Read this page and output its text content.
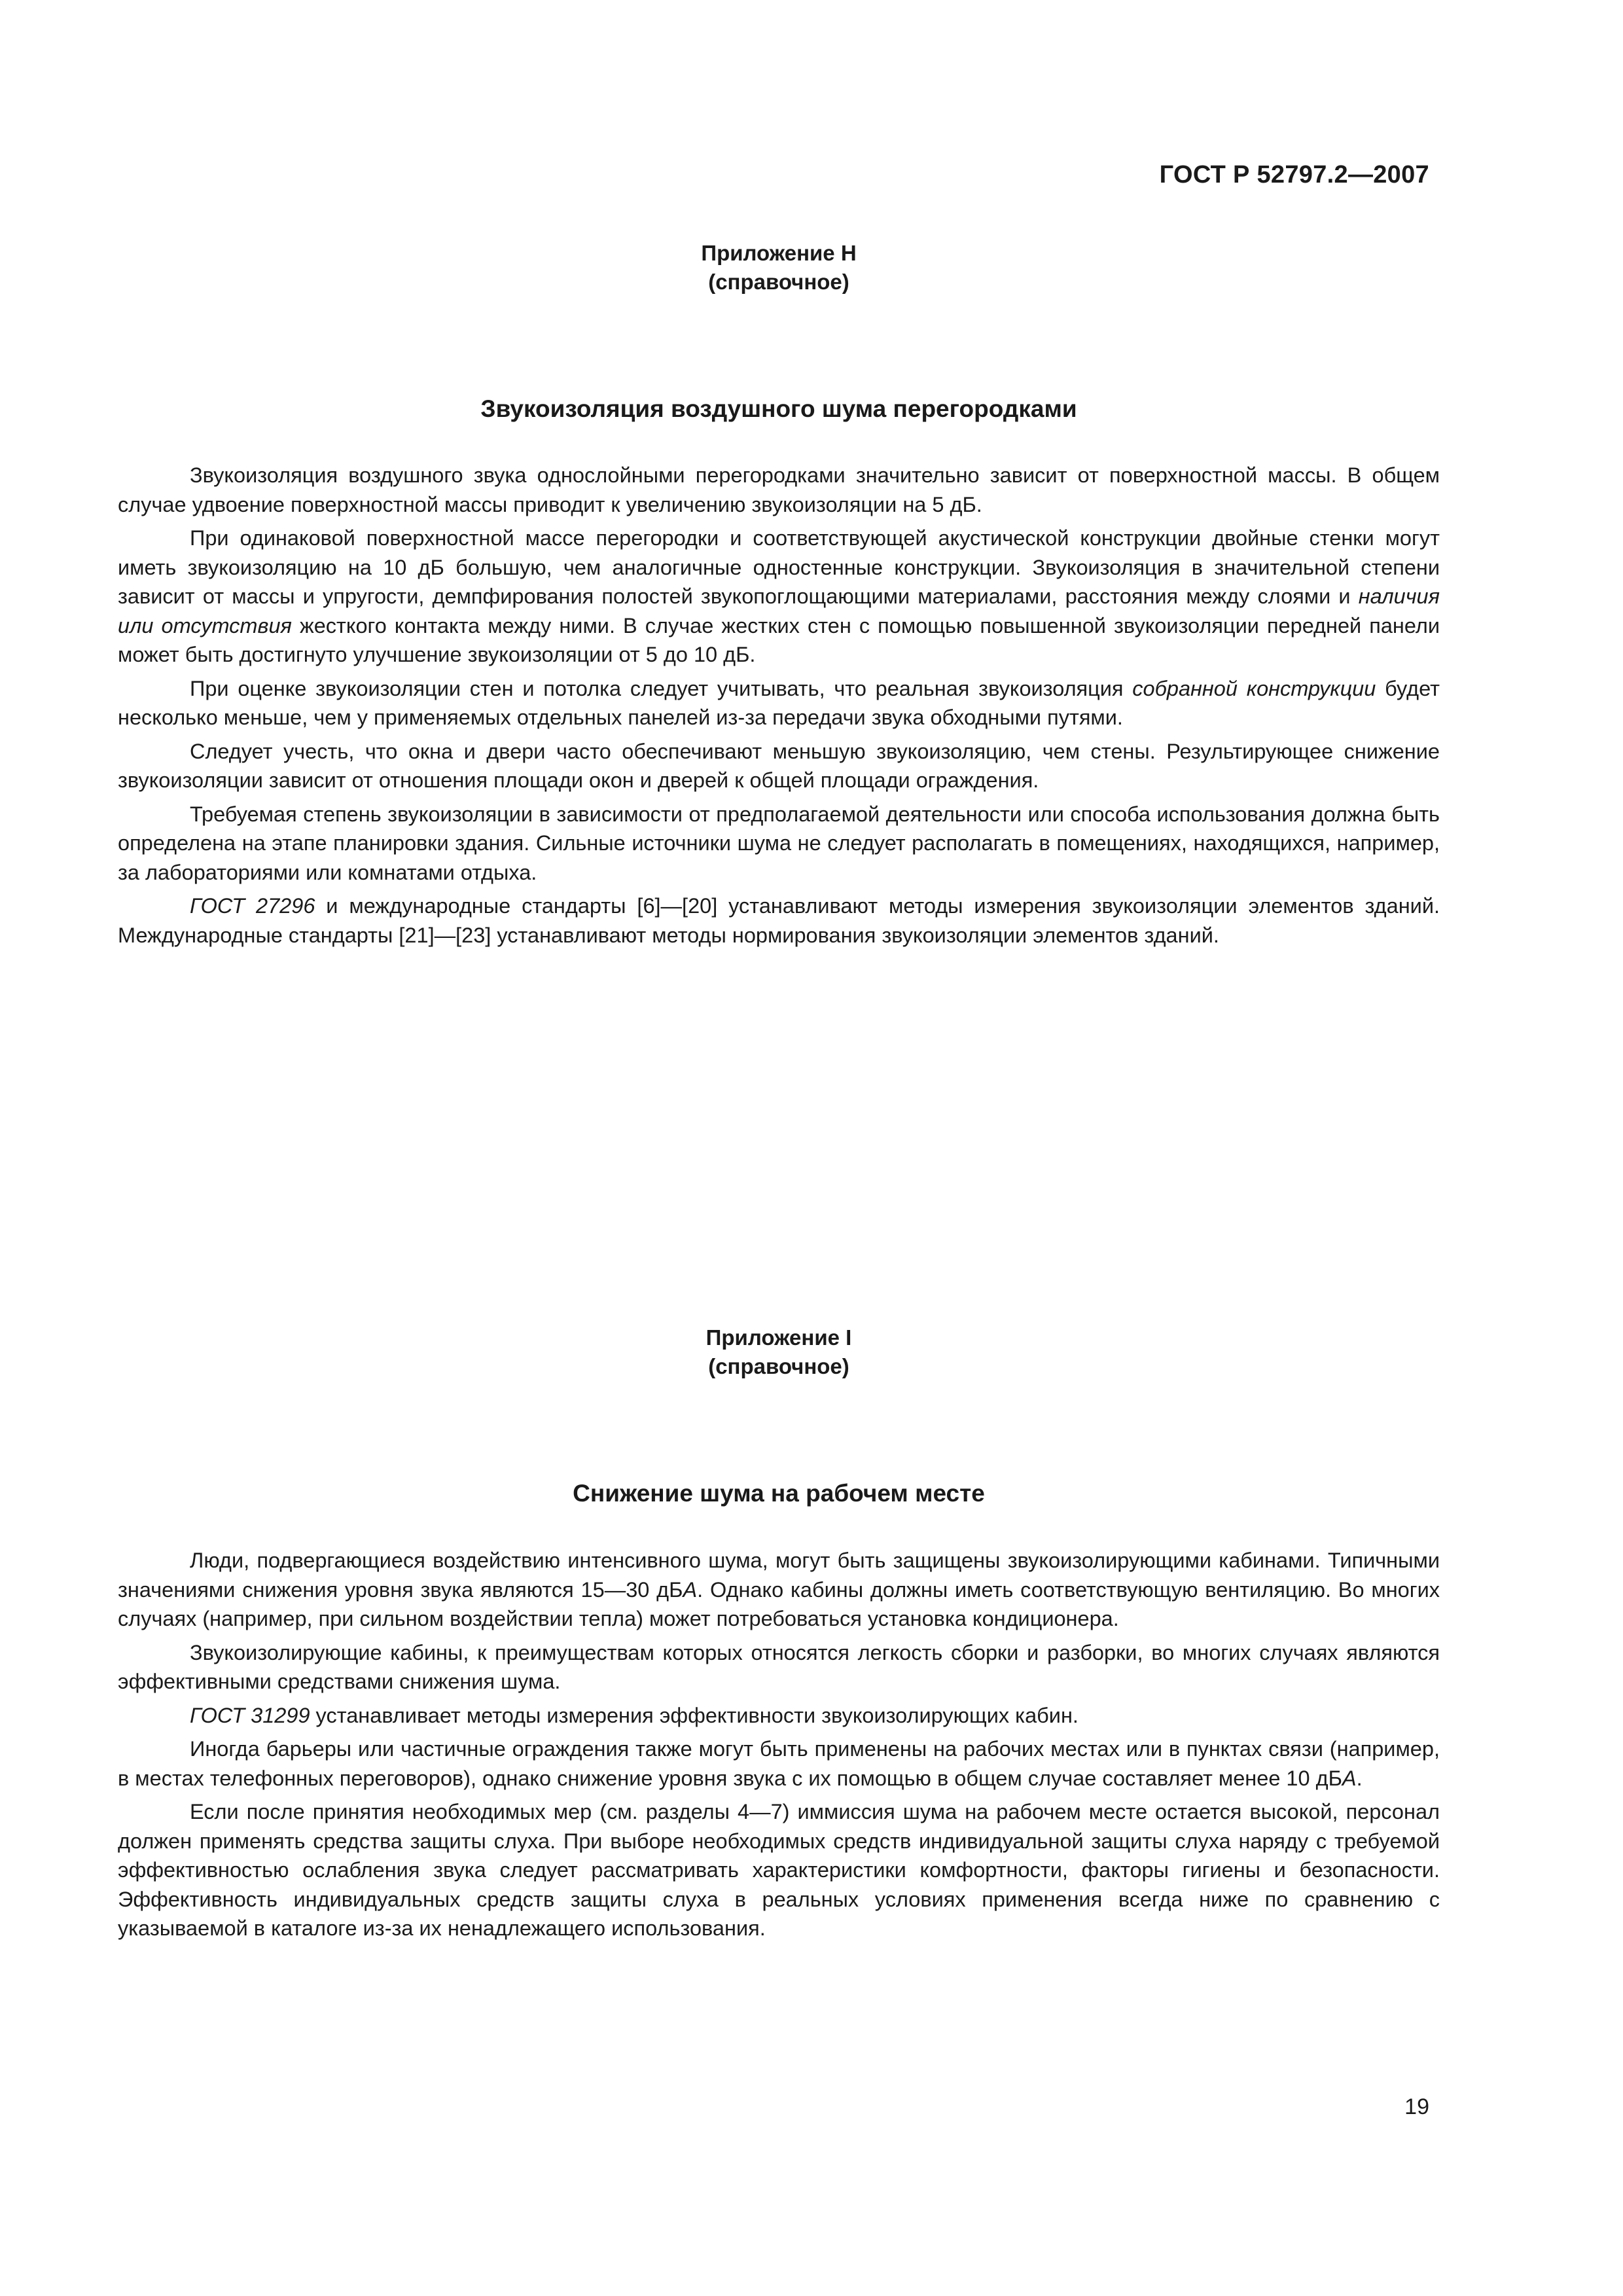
ГОСТ Р 52797.2—2007
Приложение Н
(справочное)
Звукоизоляция воздушного шума перегородками

Звукоизоляция воздушного звука однослойными перегородками значительно зависит от поверхностной массы. В общем случае удвоение поверхностной массы приводит к увеличению звукоизоляции на 5 дБ.

При одинаковой поверхностной массе перегородки и соответствующей акустической конструкции двойные стенки могут иметь звукоизоляцию на 10 дБ большую, чем аналогичные одностенные конструкции. Звукоизоляция в значительной степени зависит от массы и упругости, демпфирования полостей звукопоглощающими материалами, расстояния между слоями и наличия или отсутствия жесткого контакта между ними. В случае жестких стен с помощью повышенной звукоизоляции передней панели может быть достигнуто улучшение звукоизоляции от 5 до 10 дБ.

При оценке звукоизоляции стен и потолка следует учитывать, что реальная звукоизоляция собранной конструкции будет несколько меньше, чем у применяемых отдельных панелей из-за передачи звука обходными путями.

Следует учесть, что окна и двери часто обеспечивают меньшую звукоизоляцию, чем стены. Результирующее снижение звукоизоляции зависит от отношения площади окон и дверей к общей площади ограждения.

Требуемая степень звукоизоляции в зависимости от предполагаемой деятельности или способа использования должна быть определена на этапе планировки здания. Сильные источники шума не следует располагать в помещениях, находящихся, например, за лабораториями или комнатами отдыха.

ГОСТ 27296 и международные стандарты [6]—[20] устанавливают методы измерения звукоизоляции элементов зданий. Международные стандарты [21]—[23] устанавливают методы нормирования звукоизоляции элементов зданий.

Приложение I
(справочное)
Снижение шума на рабочем месте

Люди, подвергающиеся воздействию интенсивного шума, могут быть защищены звукоизолирующими кабинами. Типичными значениями снижения уровня звука являются 15—30 дБА. Однако кабины должны иметь соответствующую вентиляцию. Во многих случаях (например, при сильном воздействии тепла) может потребоваться установка кондиционера.

Звукоизолирующие кабины, к преимуществам которых относятся легкость сборки и разборки, во многих случаях являются эффективными средствами снижения шума.

ГОСТ 31299 устанавливает методы измерения эффективности звукоизолирующих кабин.

Иногда барьеры или частичные ограждения также могут быть применены на рабочих местах или в пунктах связи (например, в местах телефонных переговоров), однако снижение уровня звука с их помощью в общем случае составляет менее 10 дБА.

Если после принятия необходимых мер (см. разделы 4—7) иммиссия шума на рабочем месте остается высокой, персонал должен применять средства защиты слуха. При выборе необходимых средств индивидуальной защиты слуха наряду с требуемой эффективностью ослабления звука следует рассматривать характеристики комфортности, факторы гигиены и безопасности. Эффективность индивидуальных средств защиты слуха в реальных условиях применения всегда ниже по сравнению с указываемой в каталоге из-за их ненадлежащего использования.

19
